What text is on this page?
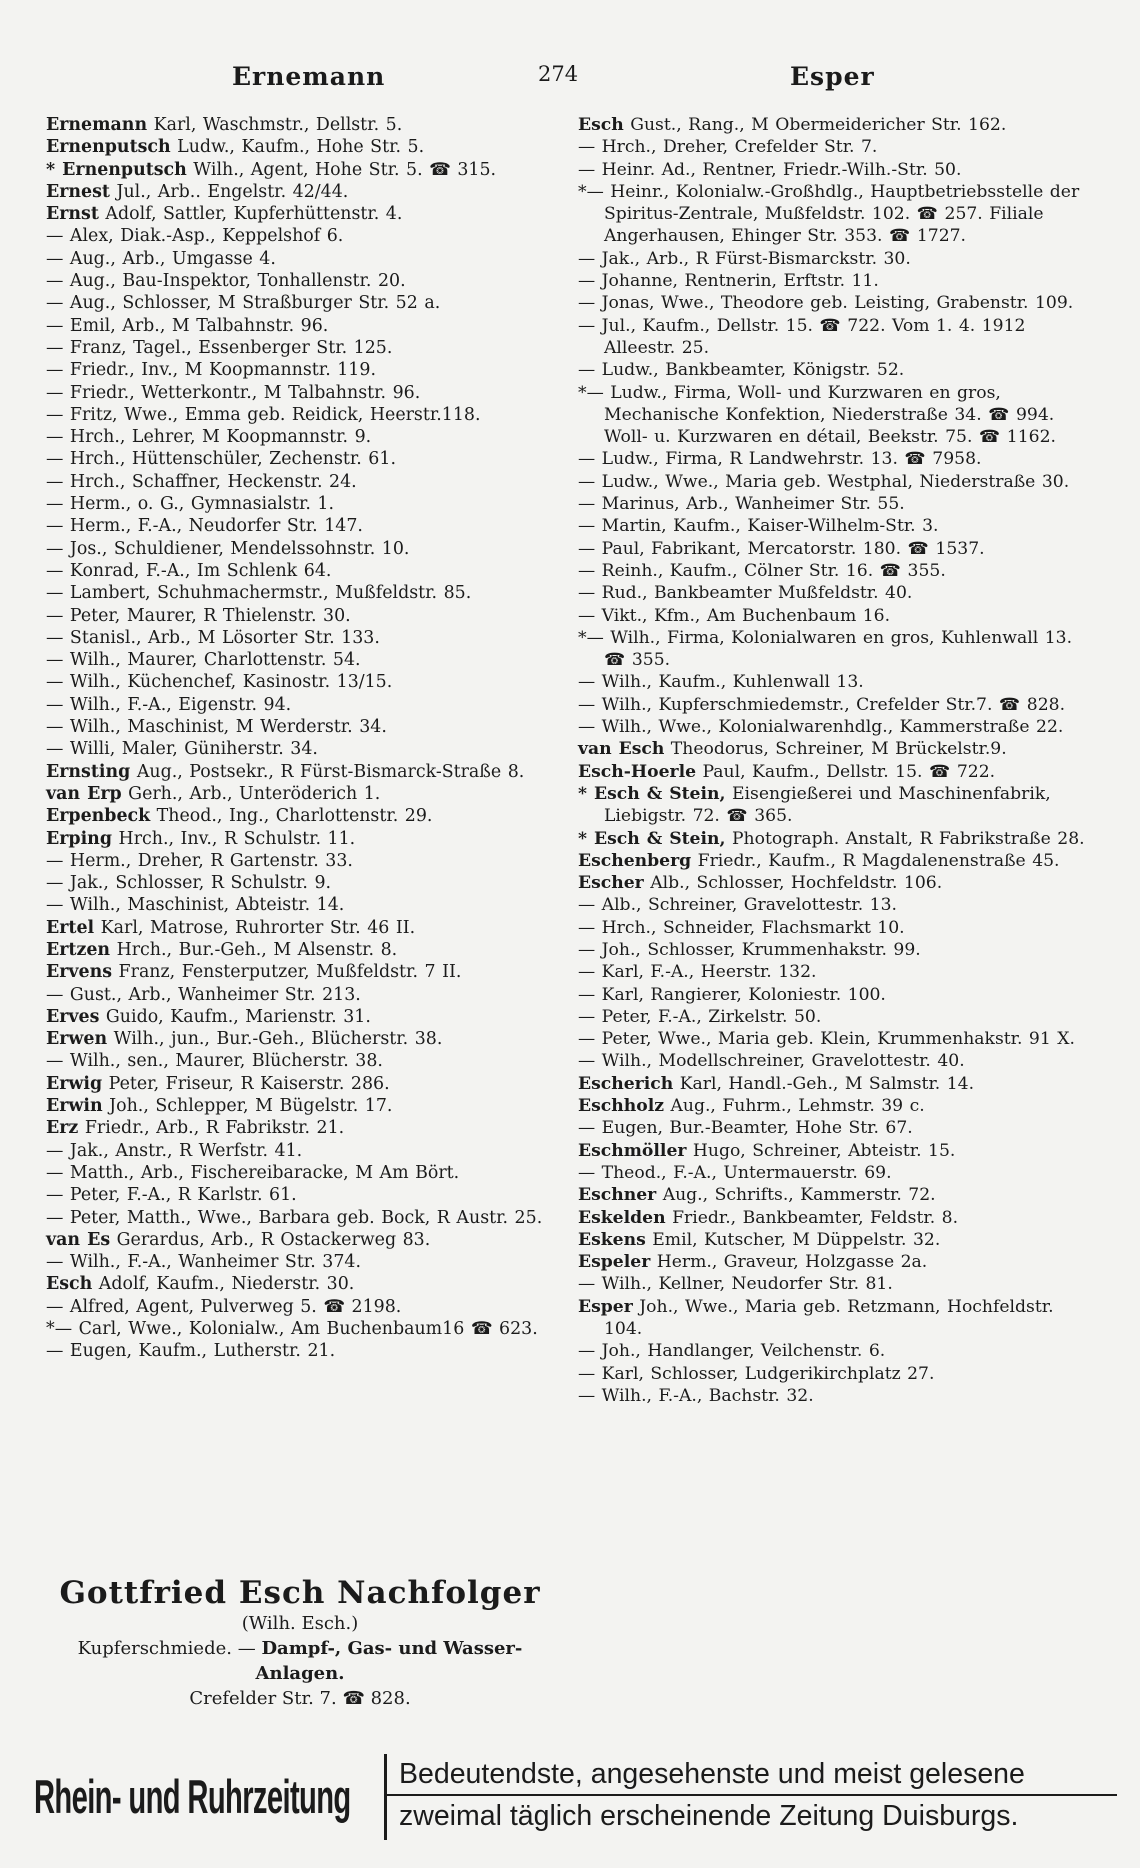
Ernemann	274	Esper

Ernemann Karl, Waschmstr., Dellstr. 5.

Ernenputsch Ludw., Kaufm., Hohe Str. 5.

* Ernenputsch Wilh., Agent, Hohe Str. 5. ☎ 315.

Ernest Jul., Arb.. Engelstr. 42/44.

Ernst Adolf, Sattler, Kupferhüttenstr. 4.

— Alex, Diak.-Asp., Keppelshof 6.

— Aug., Arb., Umgasse 4.

— Aug., Bau-Inspektor, Tonhallenstr. 20.

— Aug., Schlosser, M Straßburger Str. 52 a.

— Emil, Arb., M Talbahnstr. 96.

— Franz, Tagel., Essenberger Str. 125.

— Friedr., Inv., M Koopmannstr. 119.

— Friedr., Wetterkontr., M Talbahnstr. 96.

— Fritz, Wwe., Emma geb. Reidick, Heerstr.118.

— Hrch., Lehrer, M Koopmannstr. 9.

— Hrch., Hüttenschüler, Zechenstr. 61.

— Hrch., Schaffner, Heckenstr. 24.

— Herm., o. G., Gymnasialstr. 1.

— Herm., F.-A., Neudorfer Str. 147.

— Jos., Schuldiener, Mendelssohnstr. 10.

— Konrad, F.-A., Im Schlenk 64.

— Lambert, Schuhmachermstr., Mußfeldstr. 85.

— Peter, Maurer, R Thielenstr. 30.

— Stanisl., Arb., M Lösorter Str. 133.

— Wilh., Maurer, Charlottenstr. 54.

— Wilh., Küchenchef, Kasinostr. 13/15.

— Wilh., F.-A., Eigenstr. 94.

— Wilh., Maschinist, M Werderstr. 34.

— Willi, Maler, Güniherstr. 34.

Ernsting Aug., Postsekr., R Fürst-Bismarck-Straße 8.

van Erp Gerh., Arb., Unteröderich 1.

Erpenbeck Theod., Ing., Charlottenstr. 29.

Erping Hrch., Inv., R Schulstr. 11.

— Herm., Dreher, R Gartenstr. 33.

— Jak., Schlosser, R Schulstr. 9.

— Wilh., Maschinist, Abteistr. 14.

Ertel Karl, Matrose, Ruhrorter Str. 46 II.

Ertzen Hrch., Bur.-Geh., M Alsenstr. 8.

Ervens Franz, Fensterputzer, Mußfeldstr. 7 II.

— Gust., Arb., Wanheimer Str. 213.

Erves Guido, Kaufm., Marienstr. 31.

Erwen Wilh., jun., Bur.-Geh., Blücherstr. 38.

— Wilh., sen., Maurer, Blücherstr. 38.

Erwig Peter, Friseur, R Kaiserstr. 286.

Erwin Joh., Schlepper, M Bügelstr. 17.

Erz Friedr., Arb., R Fabrikstr. 21.

— Jak., Anstr., R Werfstr. 41.

— Matth., Arb., Fischereibaracke, M Am Bört.

— Peter, F.-A., R Karlstr. 61.

— Peter, Matth., Wwe., Barbara geb. Bock, R Austr. 25.

van Es Gerardus, Arb., R Ostackerweg 83.

— Wilh., F.-A., Wanheimer Str. 374.

Esch Adolf, Kaufm., Niederstr. 30.

— Alfred, Agent, Pulverweg 5. ☎ 2198.

*— Carl, Wwe., Kolonialw., Am Buchenbaum16 ☎ 623.

— Eugen, Kaufm., Lutherstr. 21.

Esch Gust., Rang., M Obermeidericher Str. 162.

— Hrch., Dreher, Crefelder Str. 7.

— Heinr. Ad., Rentner, Friedr.-Wilh.-Str. 50.

*— Heinr., Kolonialw.-Großhdlg., Hauptbetriebsstelle der Spiritus-Zentrale, Mußfeldstr. 102. ☎ 257. Filiale Angerhausen, Ehinger Str. 353. ☎ 1727.

— Jak., Arb., R Fürst-Bismarckstr. 30.

— Johanne, Rentnerin, Erftstr. 11.

— Jonas, Wwe., Theodore geb. Leisting, Grabenstr. 109.

— Jul., Kaufm., Dellstr. 15. ☎ 722. Vom 1. 4. 1912 Alleestr. 25.

— Ludw., Bankbeamter, Königstr. 52.

*— Ludw., Firma, Woll- und Kurzwaren en gros, Mechanische Konfektion, Niederstraße 34. ☎ 994. Woll- u. Kurzwaren en détail, Beekstr. 75. ☎ 1162.

— Ludw., Firma, R Landwehrstr. 13. ☎ 7958.

— Ludw., Wwe., Maria geb. Westphal, Niederstraße 30.

— Marinus, Arb., Wanheimer Str. 55.

— Martin, Kaufm., Kaiser-Wilhelm-Str. 3.

— Paul, Fabrikant, Mercatorstr. 180. ☎ 1537.

— Reinh., Kaufm., Cölner Str. 16. ☎ 355.

— Rud., Bankbeamter Mußfeldstr. 40.

— Vikt., Kfm., Am Buchenbaum 16.

*— Wilh., Firma, Kolonialwaren en gros, Kuhlenwall 13. ☎ 355.

— Wilh., Kaufm., Kuhlenwall 13.

— Wilh., Kupferschmiedemstr., Crefelder Str.7. ☎ 828.

— Wilh., Wwe., Kolonialwarenhdlg., Kammerstraße 22.

van Esch Theodorus, Schreiner, M Brückelstr.9.

Esch-Hoerle Paul, Kaufm., Dellstr. 15. ☎ 722.

* Esch & Stein, Eisengießerei und Maschinenfabrik, Liebigstr. 72. ☎ 365.

* Esch & Stein, Photograph. Anstalt, R Fabrikstraße 28.

Eschenberg Friedr., Kaufm., R Magdalenenstraße 45.

Escher Alb., Schlosser, Hochfeldstr. 106.

— Alb., Schreiner, Gravelottestr. 13.

— Hrch., Schneider, Flachsmarkt 10.

— Joh., Schlosser, Krummenhakstr. 99.

— Karl, F.-A., Heerstr. 132.

— Karl, Rangierer, Koloniestr. 100.

— Peter, F.-A., Zirkelstr. 50.

— Peter, Wwe., Maria geb. Klein, Krummenhakstr. 91 X.

— Wilh., Modellschreiner, Gravelottestr. 40.

Escherich Karl, Handl.-Geh., M Salmstr. 14.

Eschholz Aug., Fuhrm., Lehmstr. 39 c.

— Eugen, Bur.-Beamter, Hohe Str. 67.

Eschmöller Hugo, Schreiner, Abteistr. 15.

— Theod., F.-A., Untermauerstr. 69.

Eschner Aug., Schrifts., Kammerstr. 72.

Eskelden Friedr., Bankbeamter, Feldstr. 8.

Eskens Emil, Kutscher, M Düppelstr. 32.

Espeler Herm., Graveur, Holzgasse 2a.

— Wilh., Kellner, Neudorfer Str. 81.

Esper Joh., Wwe., Maria geb. Retzmann, Hochfeldstr. 104.

— Joh., Handlanger, Veilchenstr. 6.

— Karl, Schlosser, Ludgerikirchplatz 27.

— Wilh., F.-A., Bachstr. 32.

Gottfried Esch Nachfolger
(Wilh. Esch.)
Kupferschmiede. — Dampf-, Gas- und Wasser-Anlagen.
Crefelder Str. 7. ☎ 828.
Rhein- und Ruhrzeitung Bedeutendste, angesehenste und meist gelesene
zweimal täglich erscheinende Zeitung Duisburgs.
